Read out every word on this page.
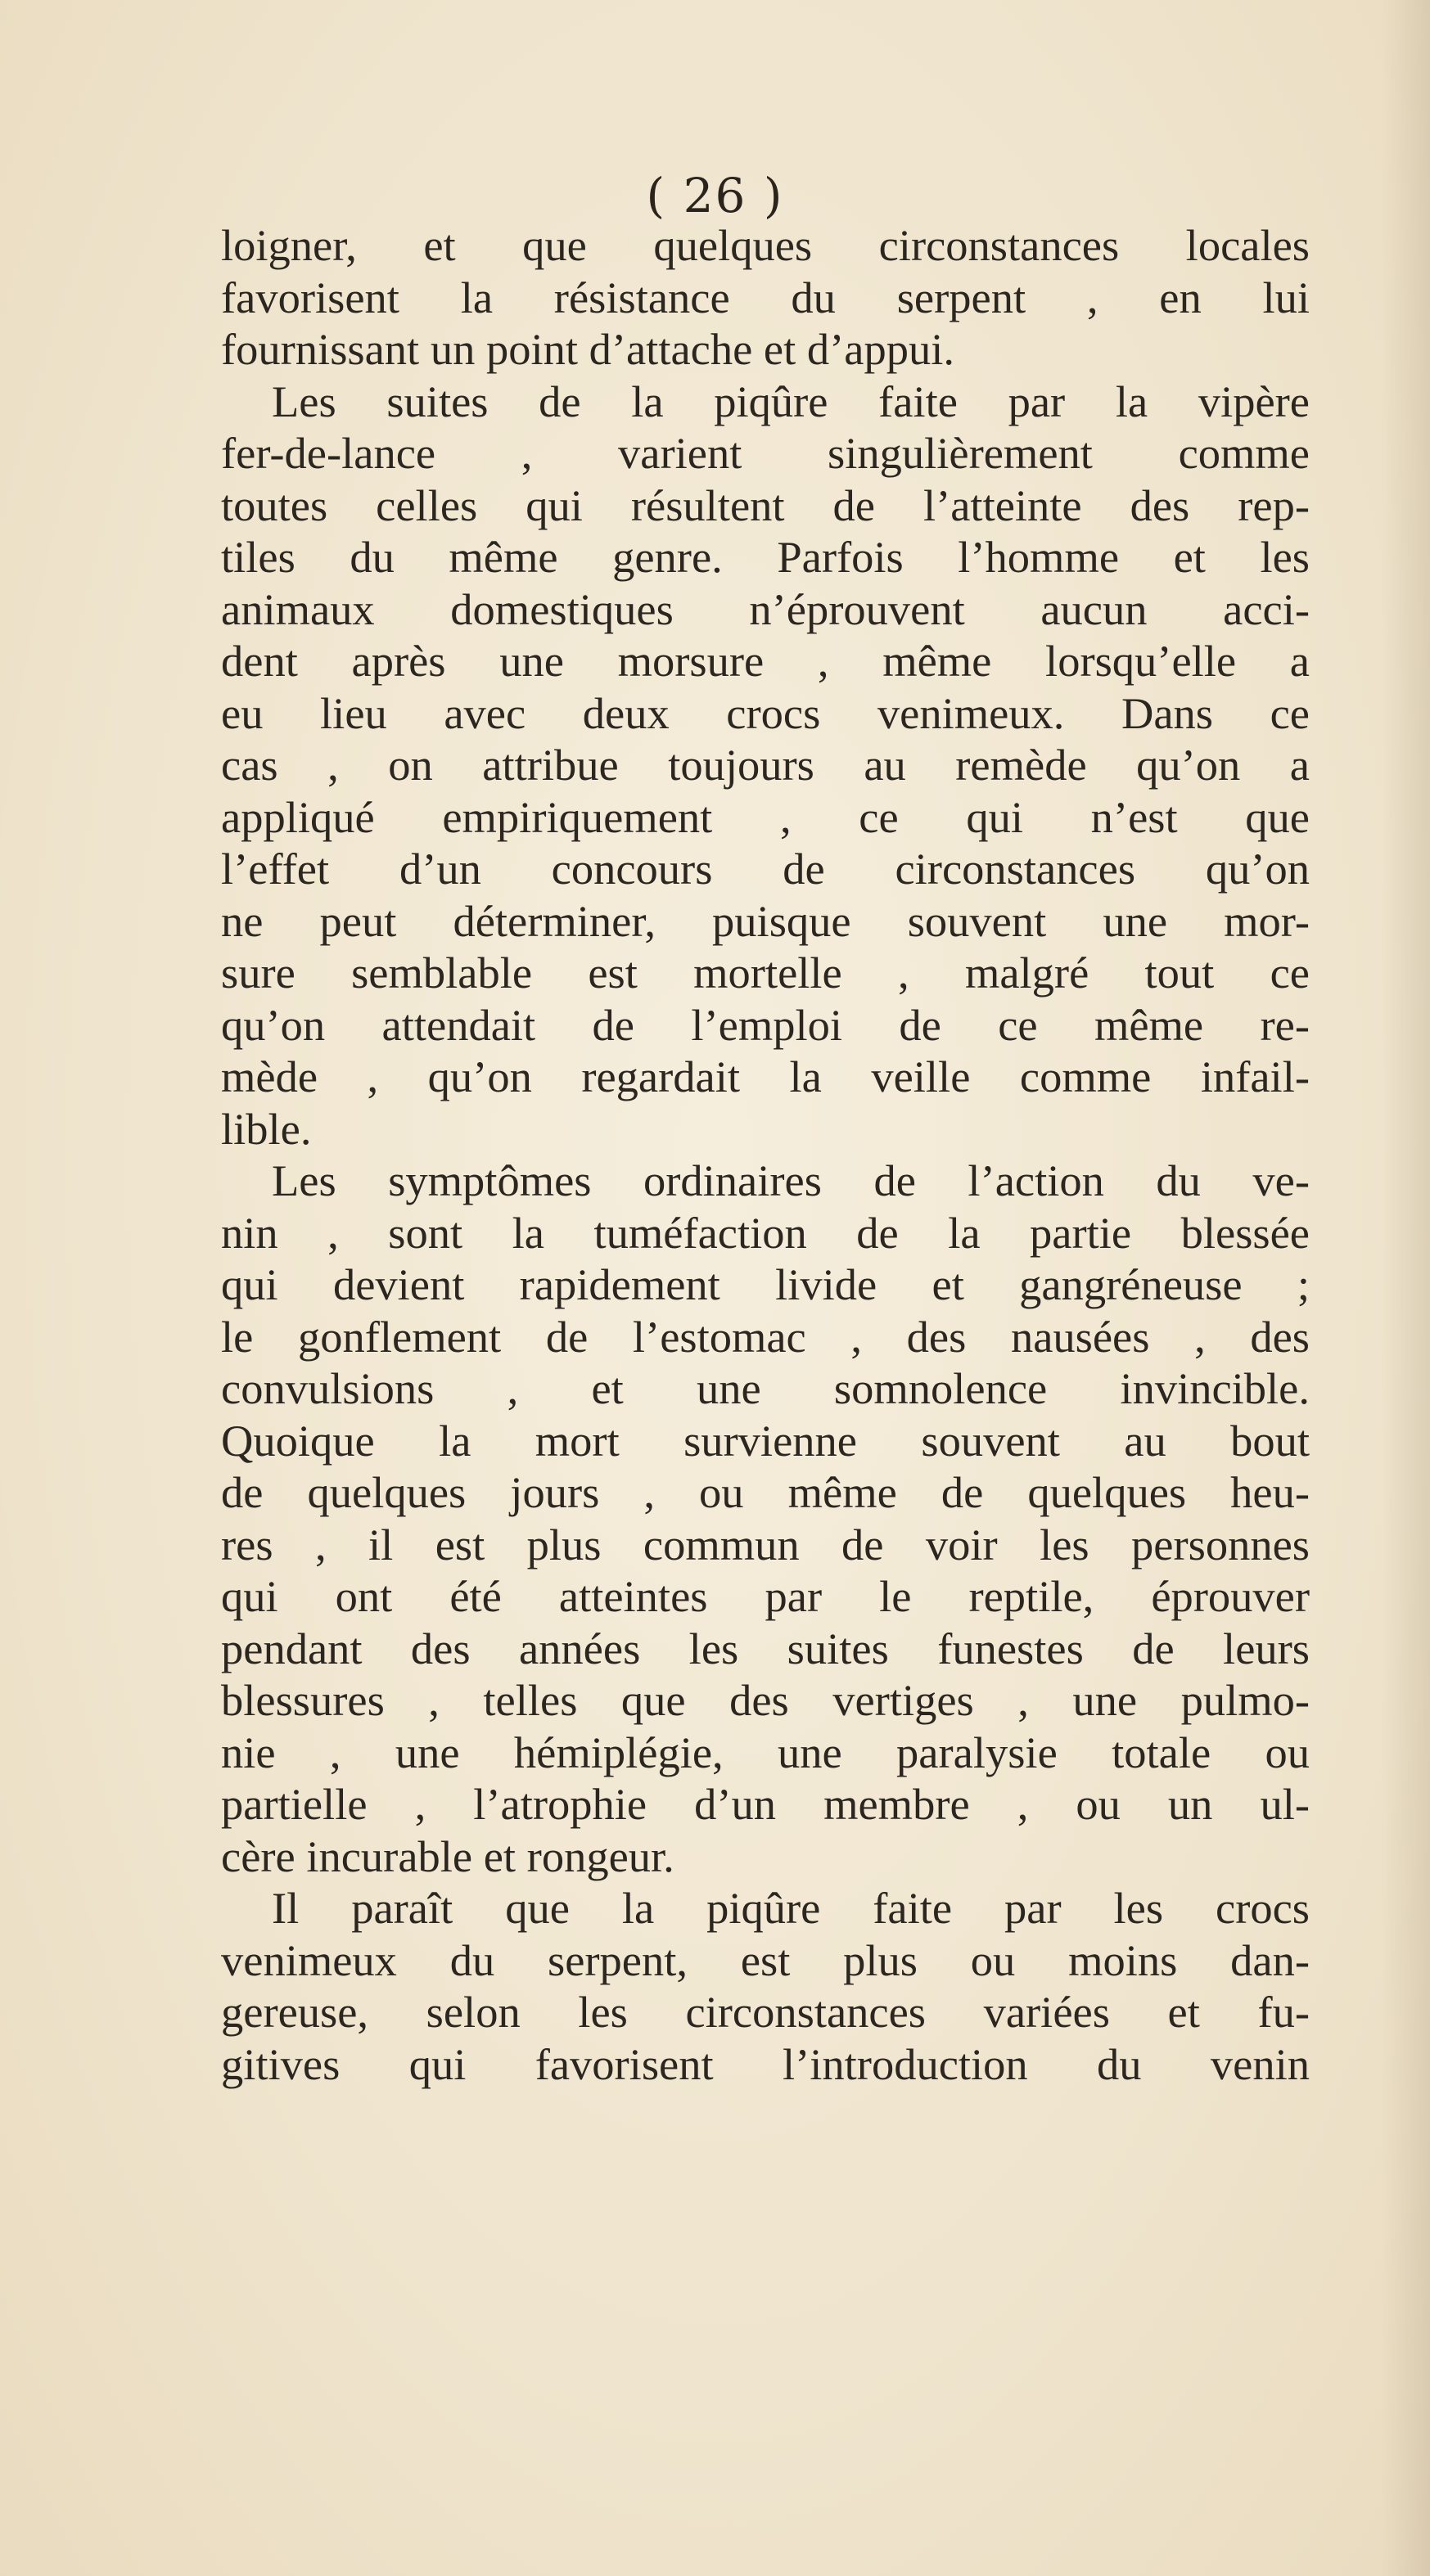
( 26 )
loigner, et que quelques circonstances locales
favorisent la résistance du serpent , en lui
fournissant un point d’attache et d’appui.
Les suites de la piqûre faite par la vipère
fer-de-lance , varient singulièrement comme
toutes celles qui résultent de l’atteinte des rep-
tiles du même genre. Parfois l’homme et les
animaux domestiques n’éprouvent aucun acci-
dent après une morsure , même lorsqu’elle a
eu lieu avec deux crocs venimeux. Dans ce
cas , on attribue toujours au remède qu’on a
appliqué empiriquement , ce qui n’est que
l’effet d’un concours de circonstances qu’on
ne peut déterminer, puisque souvent une mor-
sure semblable est mortelle , malgré tout ce
qu’on attendait de l’emploi de ce même re-
mède , qu’on regardait la veille comme infail-
lible.
Les symptômes ordinaires de l’action du ve-
nin , sont la tuméfaction de la partie blessée
qui devient rapidement livide et gangréneuse ;
le gonflement de l’estomac , des nausées , des
convulsions , et une somnolence invincible.
Quoique la mort survienne souvent au bout
de quelques jours , ou même de quelques heu-
res , il est plus commun de voir les personnes
qui ont été atteintes par le reptile, éprouver
pendant des années les suites funestes de leurs
blessures , telles que des vertiges , une pulmo-
nie , une hémiplégie, une paralysie totale ou
partielle , l’atrophie d’un membre , ou un ul-
cère incurable et rongeur.
Il paraît que la piqûre faite par les crocs
venimeux du serpent, est plus ou moins dan-
gereuse, selon les circonstances variées et fu-
gitives qui favorisent l’introduction du venin
